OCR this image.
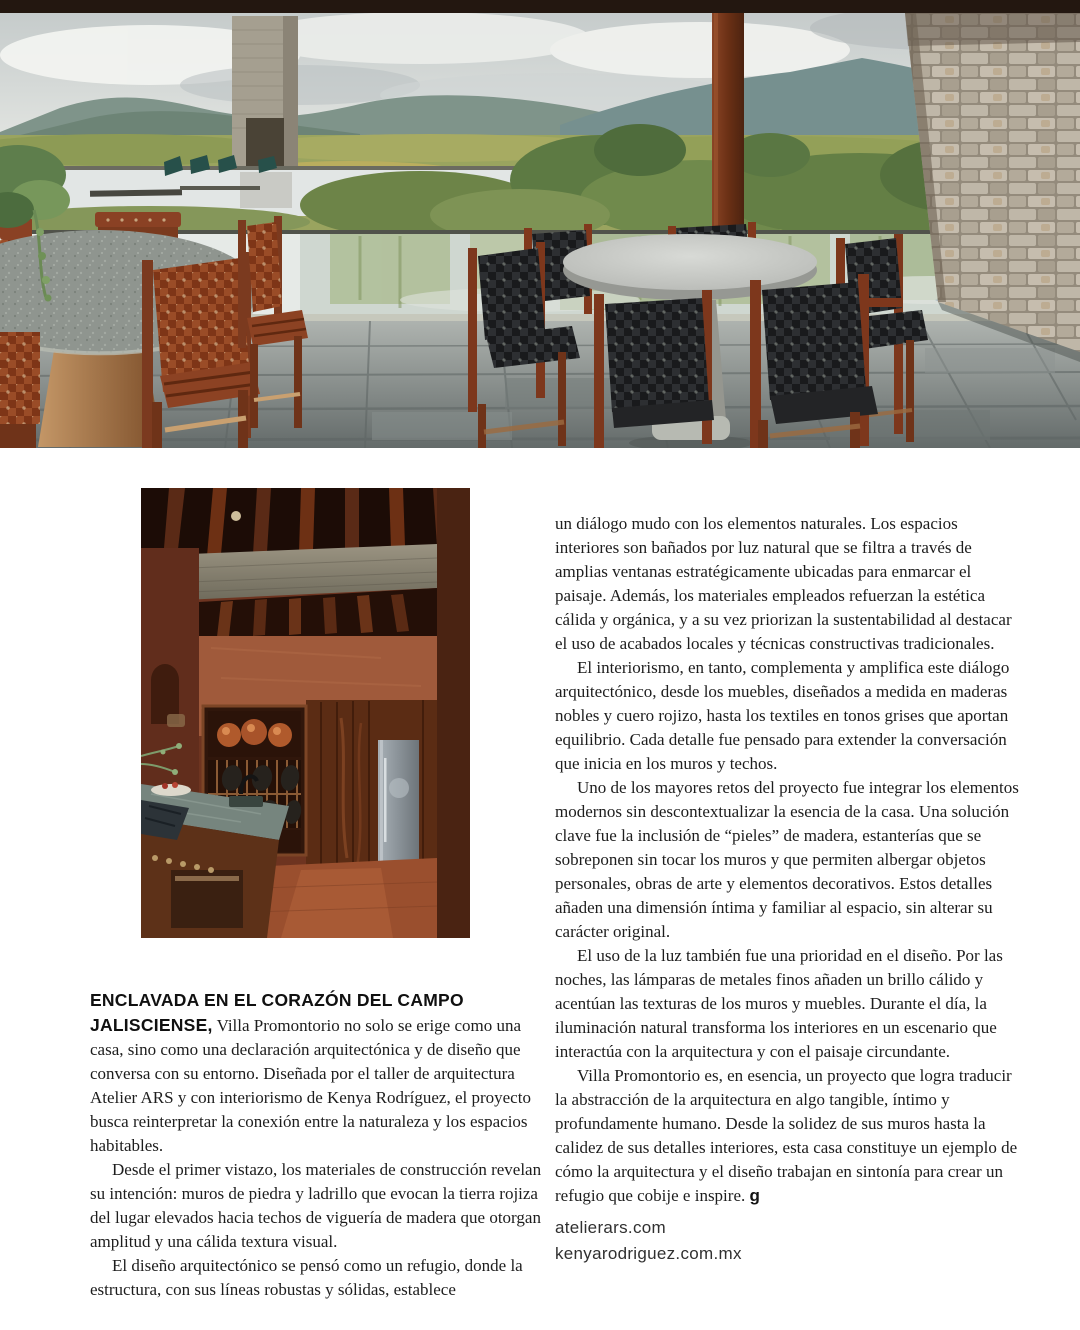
ENCLAVADA EN EL CORAZÓN DEL CAMPO JALISCIENSE, Villa Promontorio no solo se erige como una casa, sino como una declaración arquitectónica y de diseño que conversa con su entorno. Diseñada por el taller de arquitectura Atelier ARS y con interiorismo de Kenya Rodríguez, el proyecto busca reinterpretar la conexión entre la naturaleza y los espacios habitables.

Desde el primer vistazo, los materiales de construcción revelan su intención: muros de piedra y ladrillo que evocan la tierra rojiza del lugar elevados hacia techos de viguería de madera que otorgan amplitud y una cálida textura visual.

El diseño arquitectónico se pensó como un refugio, donde la estructura, con sus líneas robustas y sólidas, establece

un diálogo mudo con los elementos naturales. Los espacios interiores son bañados por luz natural que se filtra a través de amplias ventanas estratégicamente ubicadas para enmarcar el paisaje. Además, los materiales empleados refuerzan la estética cálida y orgánica, y a su vez priorizan la sustentabilidad al destacar el uso de acabados locales y técnicas constructivas tradicionales.

El interiorismo, en tanto, complementa y amplifica este diálogo arquitectónico, desde los muebles, diseñados a medida en maderas nobles y cuero rojizo, hasta los textiles en tonos grises que aportan equilibrio. Cada detalle fue pensado para extender la conversación que inicia en los muros y techos.

Uno de los mayores retos del proyecto fue integrar los elementos modernos sin descontextualizar la esencia de la casa. Una solución clave fue la inclusión de “pieles” de madera, estanterías que se sobreponen sin tocar los muros y que permiten albergar objetos personales, obras de arte y elementos decorativos. Estos detalles añaden una dimensión íntima y familiar al espacio, sin alterar su carácter original.

El uso de la luz también fue una prioridad en el diseño. Por las noches, las lámparas de metales finos añaden un brillo cálido y acentúan las texturas de los muros y muebles. Durante el día, la iluminación natural transforma los interiores en un escenario que interactúa con la arquitectura y con el paisaje circundante.

Villa Promontorio es, en esencia, un proyecto que logra traducir la abstracción de la arquitectura en algo tangible, íntimo y profundamente humano. Desde la solidez de sus muros hasta la calidez de sus detalles interiores, esta casa constituye un ejemplo de cómo la arquitectura y el diseño trabajan en sintonía para crear un refugio que cobije e inspire. g

atelierars.com
kenyarodriguez.com.mx
